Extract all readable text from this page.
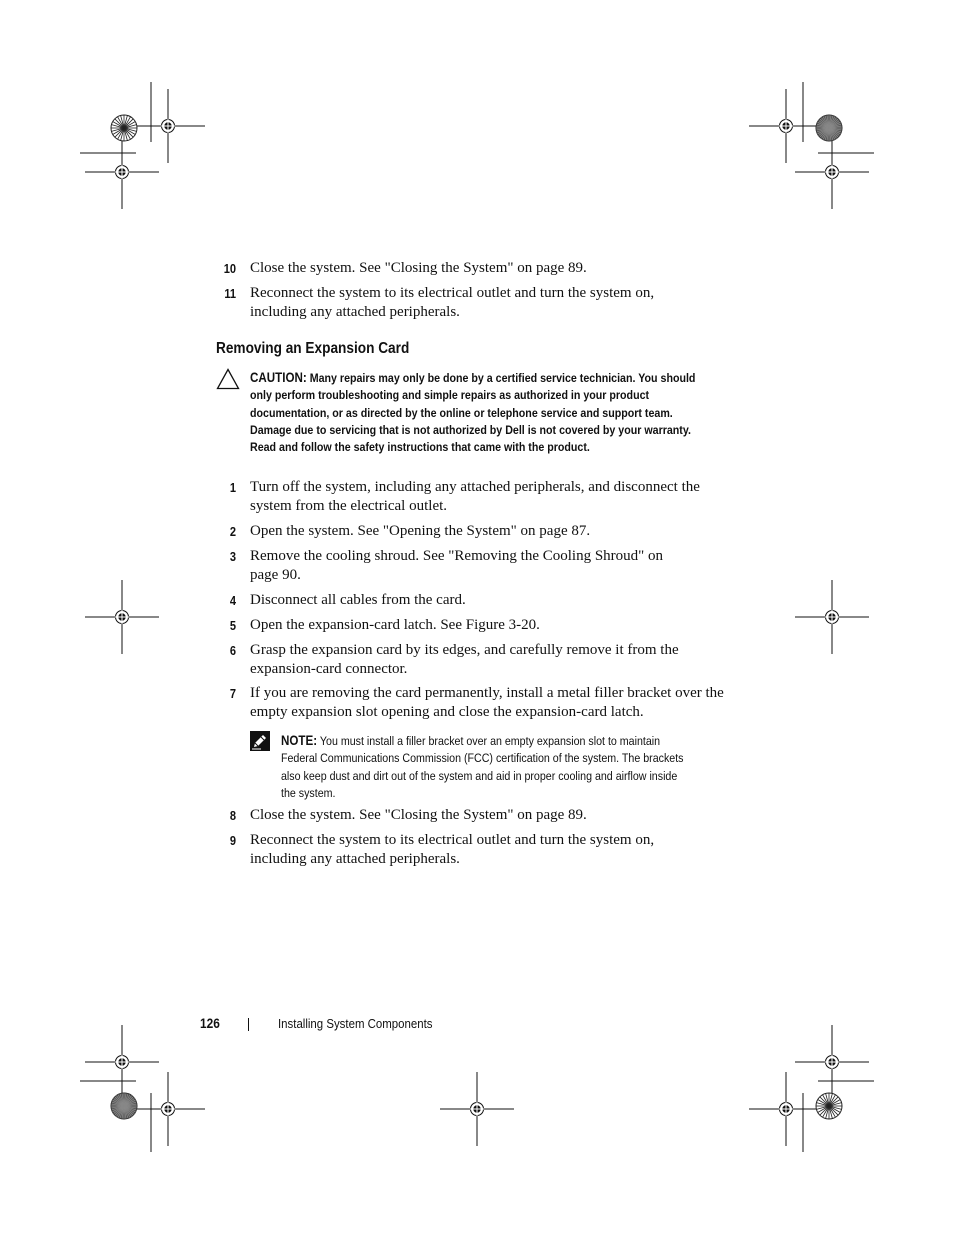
10 Close the system. See "Closing the System" on page 89.
11 Reconnect the system to its electrical outlet and turn the system on, including any attached peripherals.
Removing an Expansion Card
CAUTION: Many repairs may only be done by a certified service technician. You should only perform troubleshooting and simple repairs as authorized in your product documentation, or as directed by the online or telephone service and support team. Damage due to servicing that is not authorized by Dell is not covered by your warranty. Read and follow the safety instructions that came with the product.
1 Turn off the system, including any attached peripherals, and disconnect the system from the electrical outlet.
2 Open the system. See "Opening the System" on page 87.
3 Remove the cooling shroud. See "Removing the Cooling Shroud" on page 90.
4 Disconnect all cables from the card.
5 Open the expansion-card latch. See Figure 3-20.
6 Grasp the expansion card by its edges, and carefully remove it from the expansion-card connector.
7 If you are removing the card permanently, install a metal filler bracket over the empty expansion slot opening and close the expansion-card latch.
NOTE: You must install a filler bracket over an empty expansion slot to maintain Federal Communications Commission (FCC) certification of the system. The brackets also keep dust and dirt out of the system and aid in proper cooling and airflow inside the system.
8 Close the system. See "Closing the System" on page 89.
9 Reconnect the system to its electrical outlet and turn the system on, including any attached peripherals.
126	Installing System Components
